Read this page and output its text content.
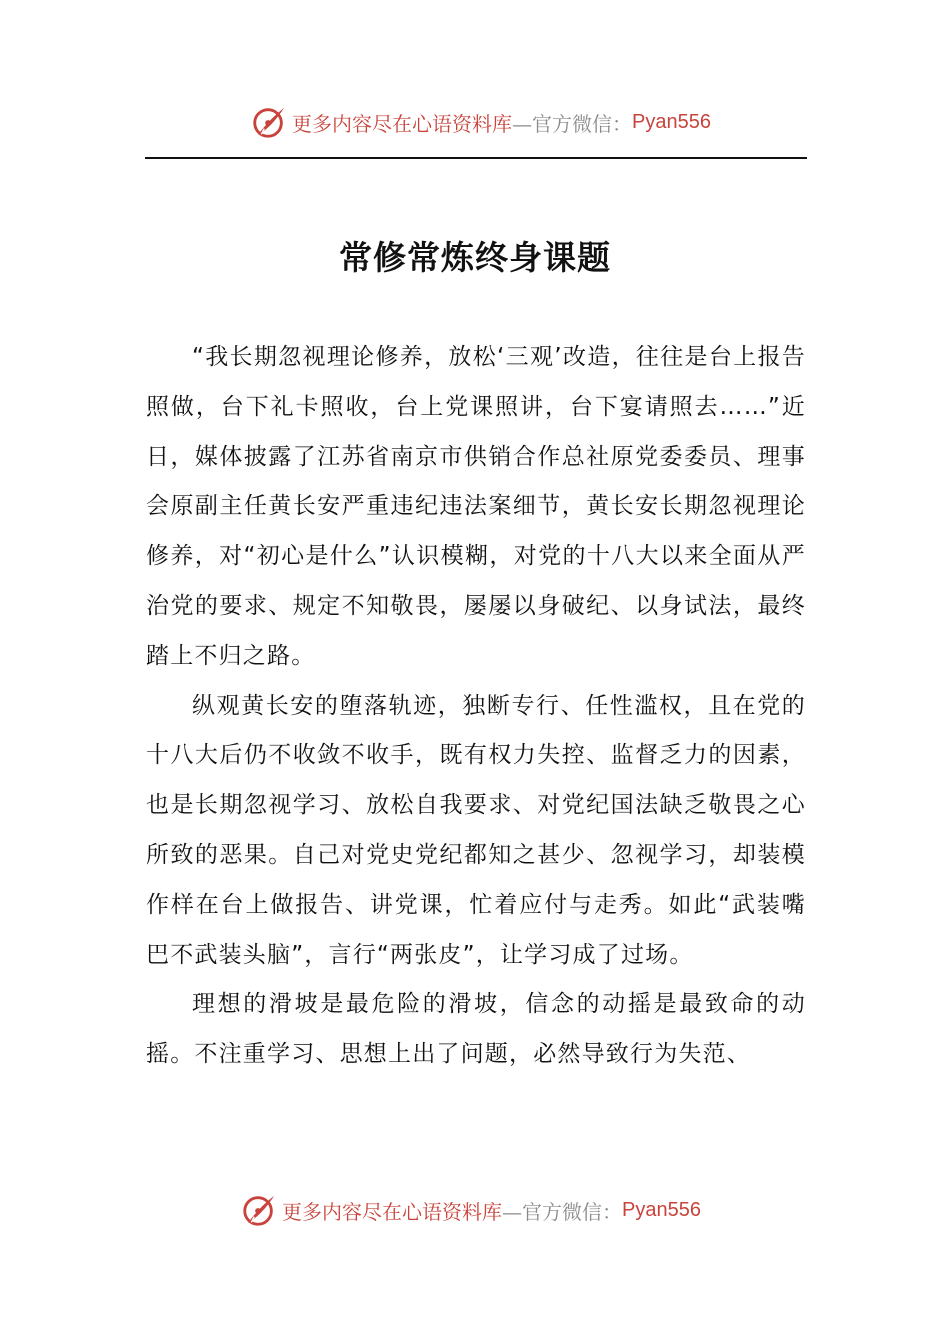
更多内容尽在心语资料库 —官方微信： Pyan556
常修常炼终身课题

“我长期忽视理论修养，放松‘三观’改造，往往是台上报告照做，台下礼卡照收，台上党课照讲，台下宴请照去……”近日，媒体披露了江苏省南京市供销合作总社原党委委员、理事会原副主任黄长安严重违纪违法案细节，黄长安长期忽视理论修养，对“初心是什么”认识模糊，对党的十八大以来全面从严治党的要求、规定不知敬畏，屡屡以身破纪、以身试法，最终踏上不归之路。

纵观黄长安的堕落轨迹，独断专行、任性滥权，且在党的十八大后仍不收敛不收手，既有权力失控、监督乏力的因素，也是长期忽视学习、放松自我要求、对党纪国法缺乏敬畏之心所致的恶果。自己对党史党纪都知之甚少、忽视学习，却装模作样在台上做报告、讲党课，忙着应付与走秀。如此“武装嘴巴不武装头脑”，言行“两张皮”，让学习成了过场。

理想的滑坡是最危险的滑坡，信念的动摇是最致命的动摇。不注重学习、思想上出了问题，必然导致行为失范、

更多内容尽在心语资料库 —官方微信： Pyan556
